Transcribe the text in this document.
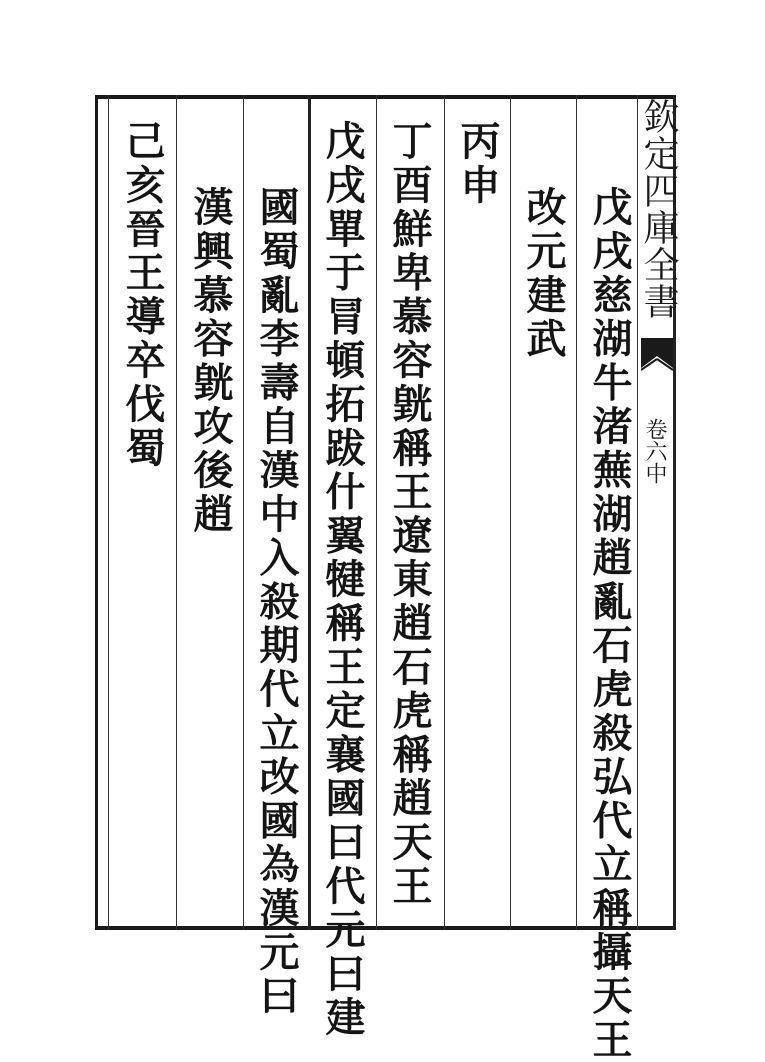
欽定四庫全書
卷六中
戊戌慈湖牛渚蕪湖趙亂石虎殺弘代立稱攝天王
改元建武
丙申
丁酉鮮卑慕容皝稱王遼東趙石虎稱趙天王
戊戌單于冐頓拓跋什翼犍稱王定襄國曰代元曰建
國蜀亂李壽自漢中入殺期代立改國為漢元曰
漢興慕容皝攻後趙
己亥晉王導卒伐蜀
